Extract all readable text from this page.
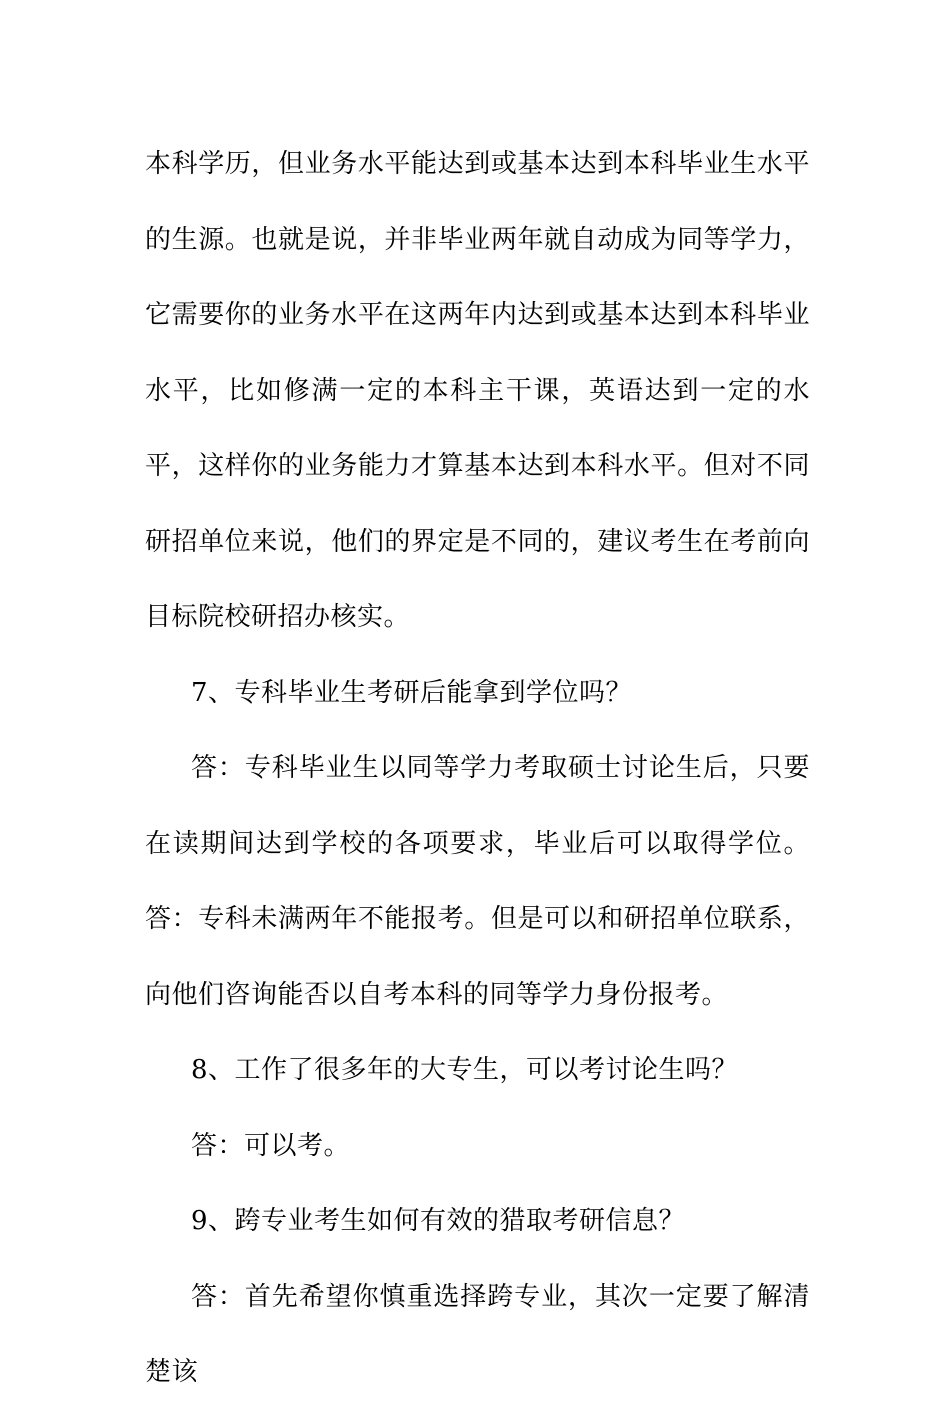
本科学历，但业务水平能达到或基本达到本科毕业生水平的生源。也就是说，并非毕业两年就自动成为同等学力，它需要你的业务水平在这两年内达到或基本达到本科毕业水平，比如修满一定的本科主干课，英语达到一定的水平，这样你的业务能力才算基本达到本科水平。但对不同研招单位来说，他们的界定是不同的，建议考生在考前向目标院校研招办核实。

7、专科毕业生考研后能拿到学位吗？

答：专科毕业生以同等学力考取硕士讨论生后，只要在读期间达到学校的各项要求，毕业后可以取得学位。答：专科未满两年不能报考。但是可以和研招单位联系，向他们咨询能否以自考本科的同等学力身份报考。

8、工作了很多年的大专生，可以考讨论生吗？

答：可以考。

9、跨专业考生如何有效的猎取考研信息？

答：首先希望你慎重选择跨专业，其次一定要了解清楚该
